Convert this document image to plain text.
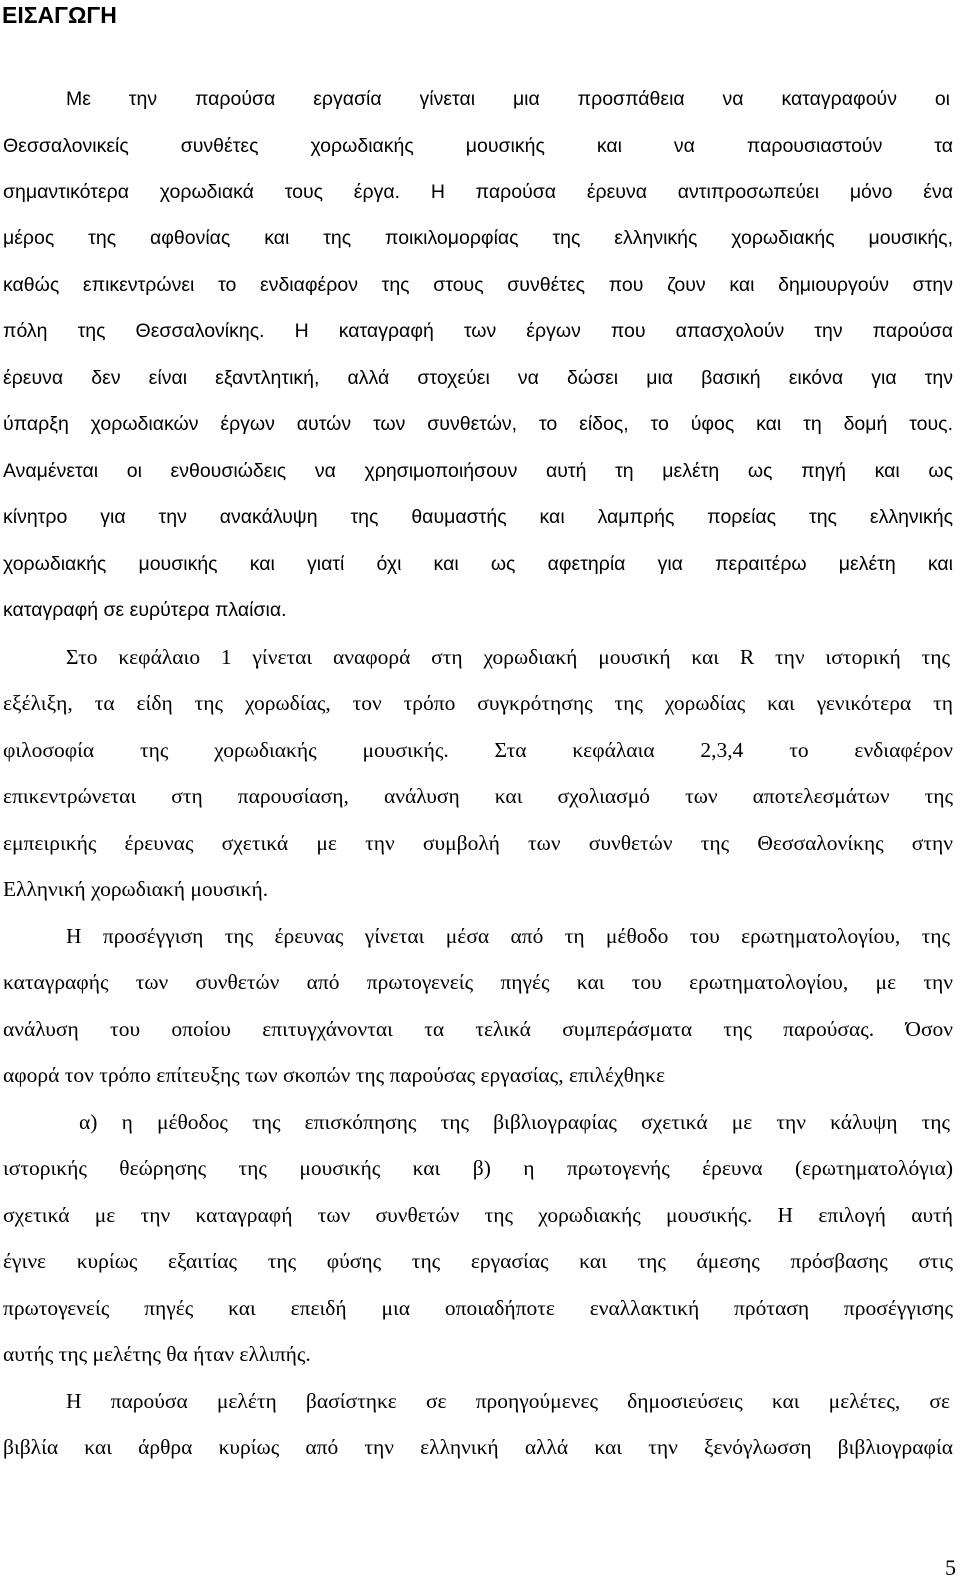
ΕΙΣΑΓΩΓΗ

Με την παρούσα εργασία γίνεται μια προσπάθεια να καταγραφούν οι

Θεσσαλονικείς συνθέτες χορωδιακής μουσικής και να παρουσιαστούν τα

σημαντικότερα χορωδιακά τους έργα. Η παρούσα έρευνα αντιπροσωπεύει μόνο ένα

μέρος της αφθονίας και της ποικιλομορφίας της ελληνικής χορωδιακής μουσικής,

καθώς επικεντρώνει το ενδιαφέρον της στους συνθέτες που ζουν και δημιουργούν στην

πόλη της Θεσσαλονίκης. Η καταγραφή των έργων που απασχολούν την παρούσα

έρευνα δεν είναι εξαντλητική, αλλά στοχεύει να δώσει μια βασική εικόνα για την

ύπαρξη χορωδιακών έργων αυτών των συνθετών, το είδος, το ύφος και τη δομή τους.

Αναμένεται οι ενθουσιώδεις να χρησιμοποιήσουν αυτή τη μελέτη ως πηγή και ως

κίνητρο για την ανακάλυψη της θαυμαστής και λαμπρής πορείας της ελληνικής

χορωδιακής μουσικής και γιατί όχι και ως αφετηρία για περαιτέρω μελέτη και

καταγραφή σε ευρύτερα πλαίσια.

Στο κεφάλαιο 1 γίνεται αναφορά στη χορωδιακή μουσική και R την ιστορική της

εξέλιξη, τα είδη της χορωδίας, τον τρόπο συγκρότησης της χορωδίας και γενικότερα τη

φιλοσοφία της χορωδιακής μουσικής. Στα κεφάλαια 2,3,4 το ενδιαφέρον

επικεντρώνεται στη παρουσίαση, ανάλυση και σχολιασμό των αποτελεσμάτων της

εμπειρικής έρευνας σχετικά με την συμβολή των συνθετών της Θεσσαλονίκης στην

Ελληνική χορωδιακή μουσική.

Η προσέγγιση της έρευνας γίνεται μέσα από τη μέθοδο του ερωτηματολογίου, της

καταγραφής των συνθετών από πρωτογενείς πηγές και του ερωτηματολογίου, με την

ανάλυση του οποίου επιτυγχάνονται τα τελικά συμπεράσματα της παρούσας. Όσον

αφορά τον τρόπο επίτευξης των σκοπών της παρούσας εργασίας, επιλέχθηκε

α) η μέθοδος της επισκόπησης της βιβλιογραφίας σχετικά με την κάλυψη της

ιστορικής θεώρησης της μουσικής και β) η πρωτογενής έρευνα (ερωτηματολόγια)

σχετικά με την καταγραφή των συνθετών της χορωδιακής μουσικής. Η επιλογή αυτή

έγινε κυρίως εξαιτίας της φύσης της εργασίας και της άμεσης πρόσβασης στις

πρωτογενείς πηγές και επειδή μια οποιαδήποτε εναλλακτική πρόταση προσέγγισης

αυτής της μελέτης θα ήταν ελλιπής.

Η παρούσα μελέτη βασίστηκε σε προηγούμενες δημοσιεύσεις και μελέτες, σε

βιβλία και άρθρα κυρίως από την ελληνική αλλά και την ξενόγλωσση βιβλιογραφία

5
